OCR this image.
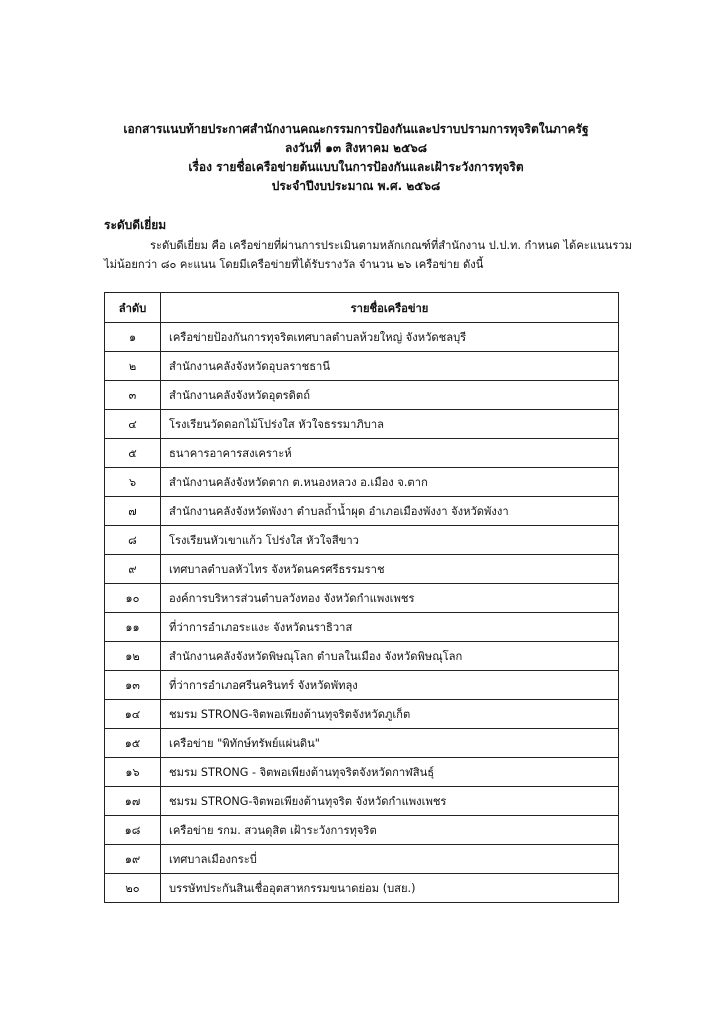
เอกสารแนบท้ายประกาศสำนักงานคณะกรรมการป้องกันและปราบปรามการทุจริตในภาครัฐ
ลงวันที่ ๑๓ สิงหาคม ๒๕๖๘
เรื่อง รายชื่อเครือข่ายต้นแบบในการป้องกันและเฝ้าระวังการทุจริต
ประจำปีงบประมาณ พ.ศ. ๒๕๖๘
ระดับดีเยี่ยม
ระดับดีเยี่ยม คือ เครือข่ายที่ผ่านการประเมินตามหลักเกณฑ์ที่สำนักงาน ป.ป.ท. กำหนด ได้คะแนนรวม
ไม่น้อยกว่า ๘๐ คะแนน โดยมีเครือข่ายที่ได้รับรางวัล จำนวน ๒๖ เครือข่าย ดังนี้
ลำดับ	รายชื่อเครือข่าย
๑	เครือข่ายป้องกันการทุจริตเทศบาลตำบลห้วยใหญ่ จังหวัดชลบุรี
๒	สำนักงานคลังจังหวัดอุบลราชธานี
๓	สำนักงานคลังจังหวัดอุตรดิตถ์
๔	โรงเรียนวัดดอกไม้โปร่งใส หัวใจธรรมาภิบาล
๕	ธนาคารอาคารสงเคราะห์
๖	สำนักงานคลังจังหวัดตาก ต.หนองหลวง อ.เมือง จ.ตาก
๗	สำนักงานคลังจังหวัดพังงา ตำบลถ้ำน้ำผุด อำเภอเมืองพังงา จังหวัดพังงา
๘	โรงเรียนหัวเขาแก้ว โปร่งใส หัวใจสีขาว
๙	เทศบาลตำบลหัวไทร จังหวัดนครศรีธรรมราช
๑๐	องค์การบริหารส่วนตำบลวังทอง จังหวัดกำแพงเพชร
๑๑	ที่ว่าการอำเภอระแงะ จังหวัดนราธิวาส
๑๒	สำนักงานคลังจังหวัดพิษณุโลก ตำบลในเมือง จังหวัดพิษณุโลก
๑๓	ที่ว่าการอำเภอศรีนครินทร์ จังหวัดพัทลุง
๑๔	ชมรม STRONG-จิตพอเพียงต้านทุจริตจังหวัดภูเก็ต
๑๕	เครือข่าย "พิทักษ์ทรัพย์แผ่นดิน"
๑๖	ชมรม STRONG - จิตพอเพียงต้านทุจริตจังหวัดกาฬสินธุ์
๑๗	ชมรม STRONG-จิตพอเพียงต้านทุจริต จังหวัดกำแพงเพชร
๑๘	เครือข่าย รกม. สวนดุสิต เฝ้าระวังการทุจริต
๑๙	เทศบาลเมืองกระบี่
๒๐	บรรษัทประกันสินเชื่ออุตสาหกรรมขนาดย่อม (บสย.)
